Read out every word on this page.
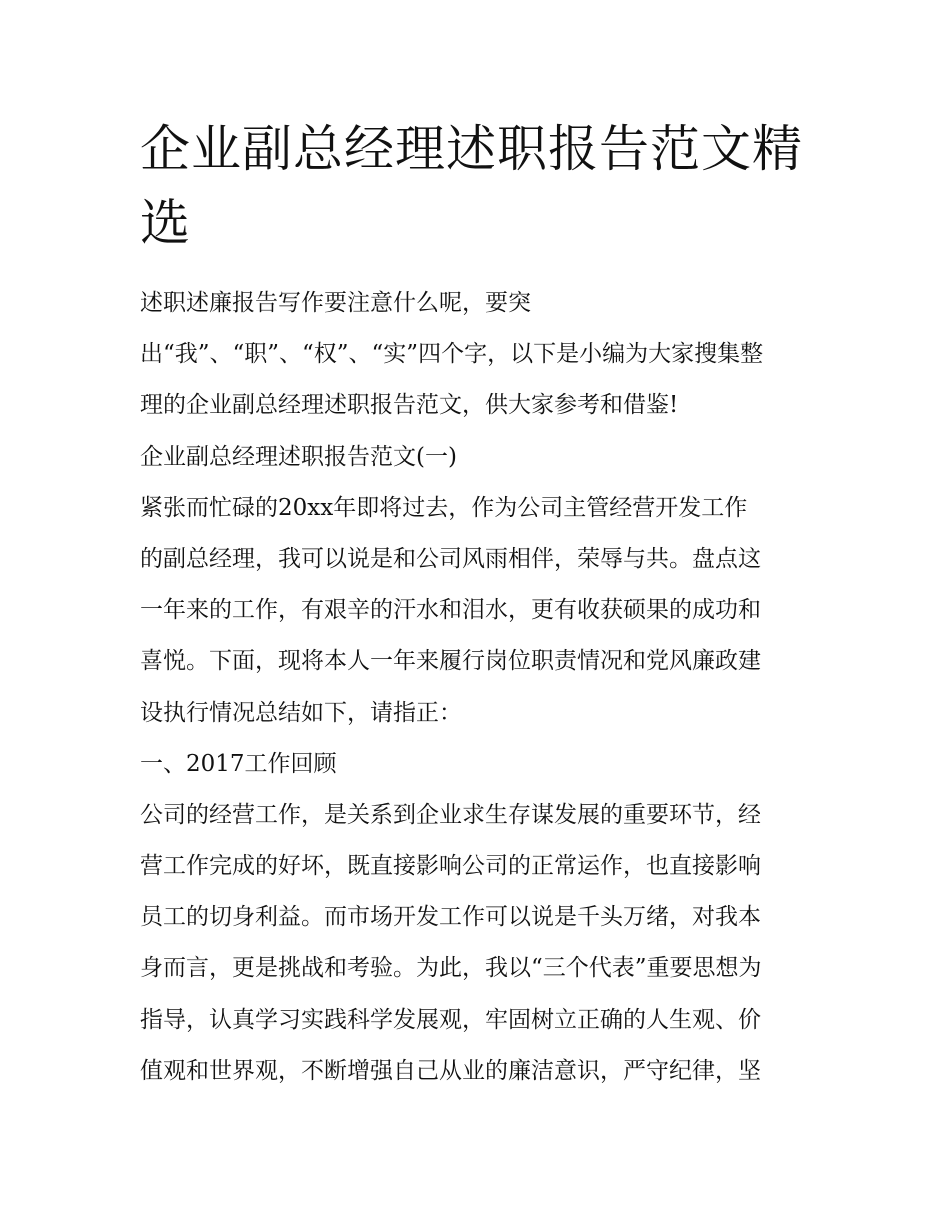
企业副总经理述职报告范文精选
述职述廉报告写作要注意什么呢，要突
出“我”、“职”、“权”、“实”四个字，以下是小编为大家搜集整
理的企业副总经理述职报告范文，供大家参考和借鉴!
企业副总经理述职报告范文(一)
紧张而忙碌的20xx年即将过去，作为公司主管经营开发工作
的副总经理，我可以说是和公司风雨相伴，荣辱与共。盘点这
一年来的工作，有艰辛的汗水和泪水，更有收获硕果的成功和
喜悦。下面，现将本人一年来履行岗位职责情况和党风廉政建
设执行情况总结如下，请指正：
一、2017工作回顾
公司的经营工作，是关系到企业求生存谋发展的重要环节，经
营工作完成的好坏，既直接影响公司的正常运作，也直接影响
员工的切身利益。而市场开发工作可以说是千头万绪，对我本
身而言，更是挑战和考验。为此，我以“三个代表”重要思想为
指导，认真学习实践科学发展观，牢固树立正确的人生观、价
值观和世界观，不断增强自己从业的廉洁意识，严守纪律，坚
